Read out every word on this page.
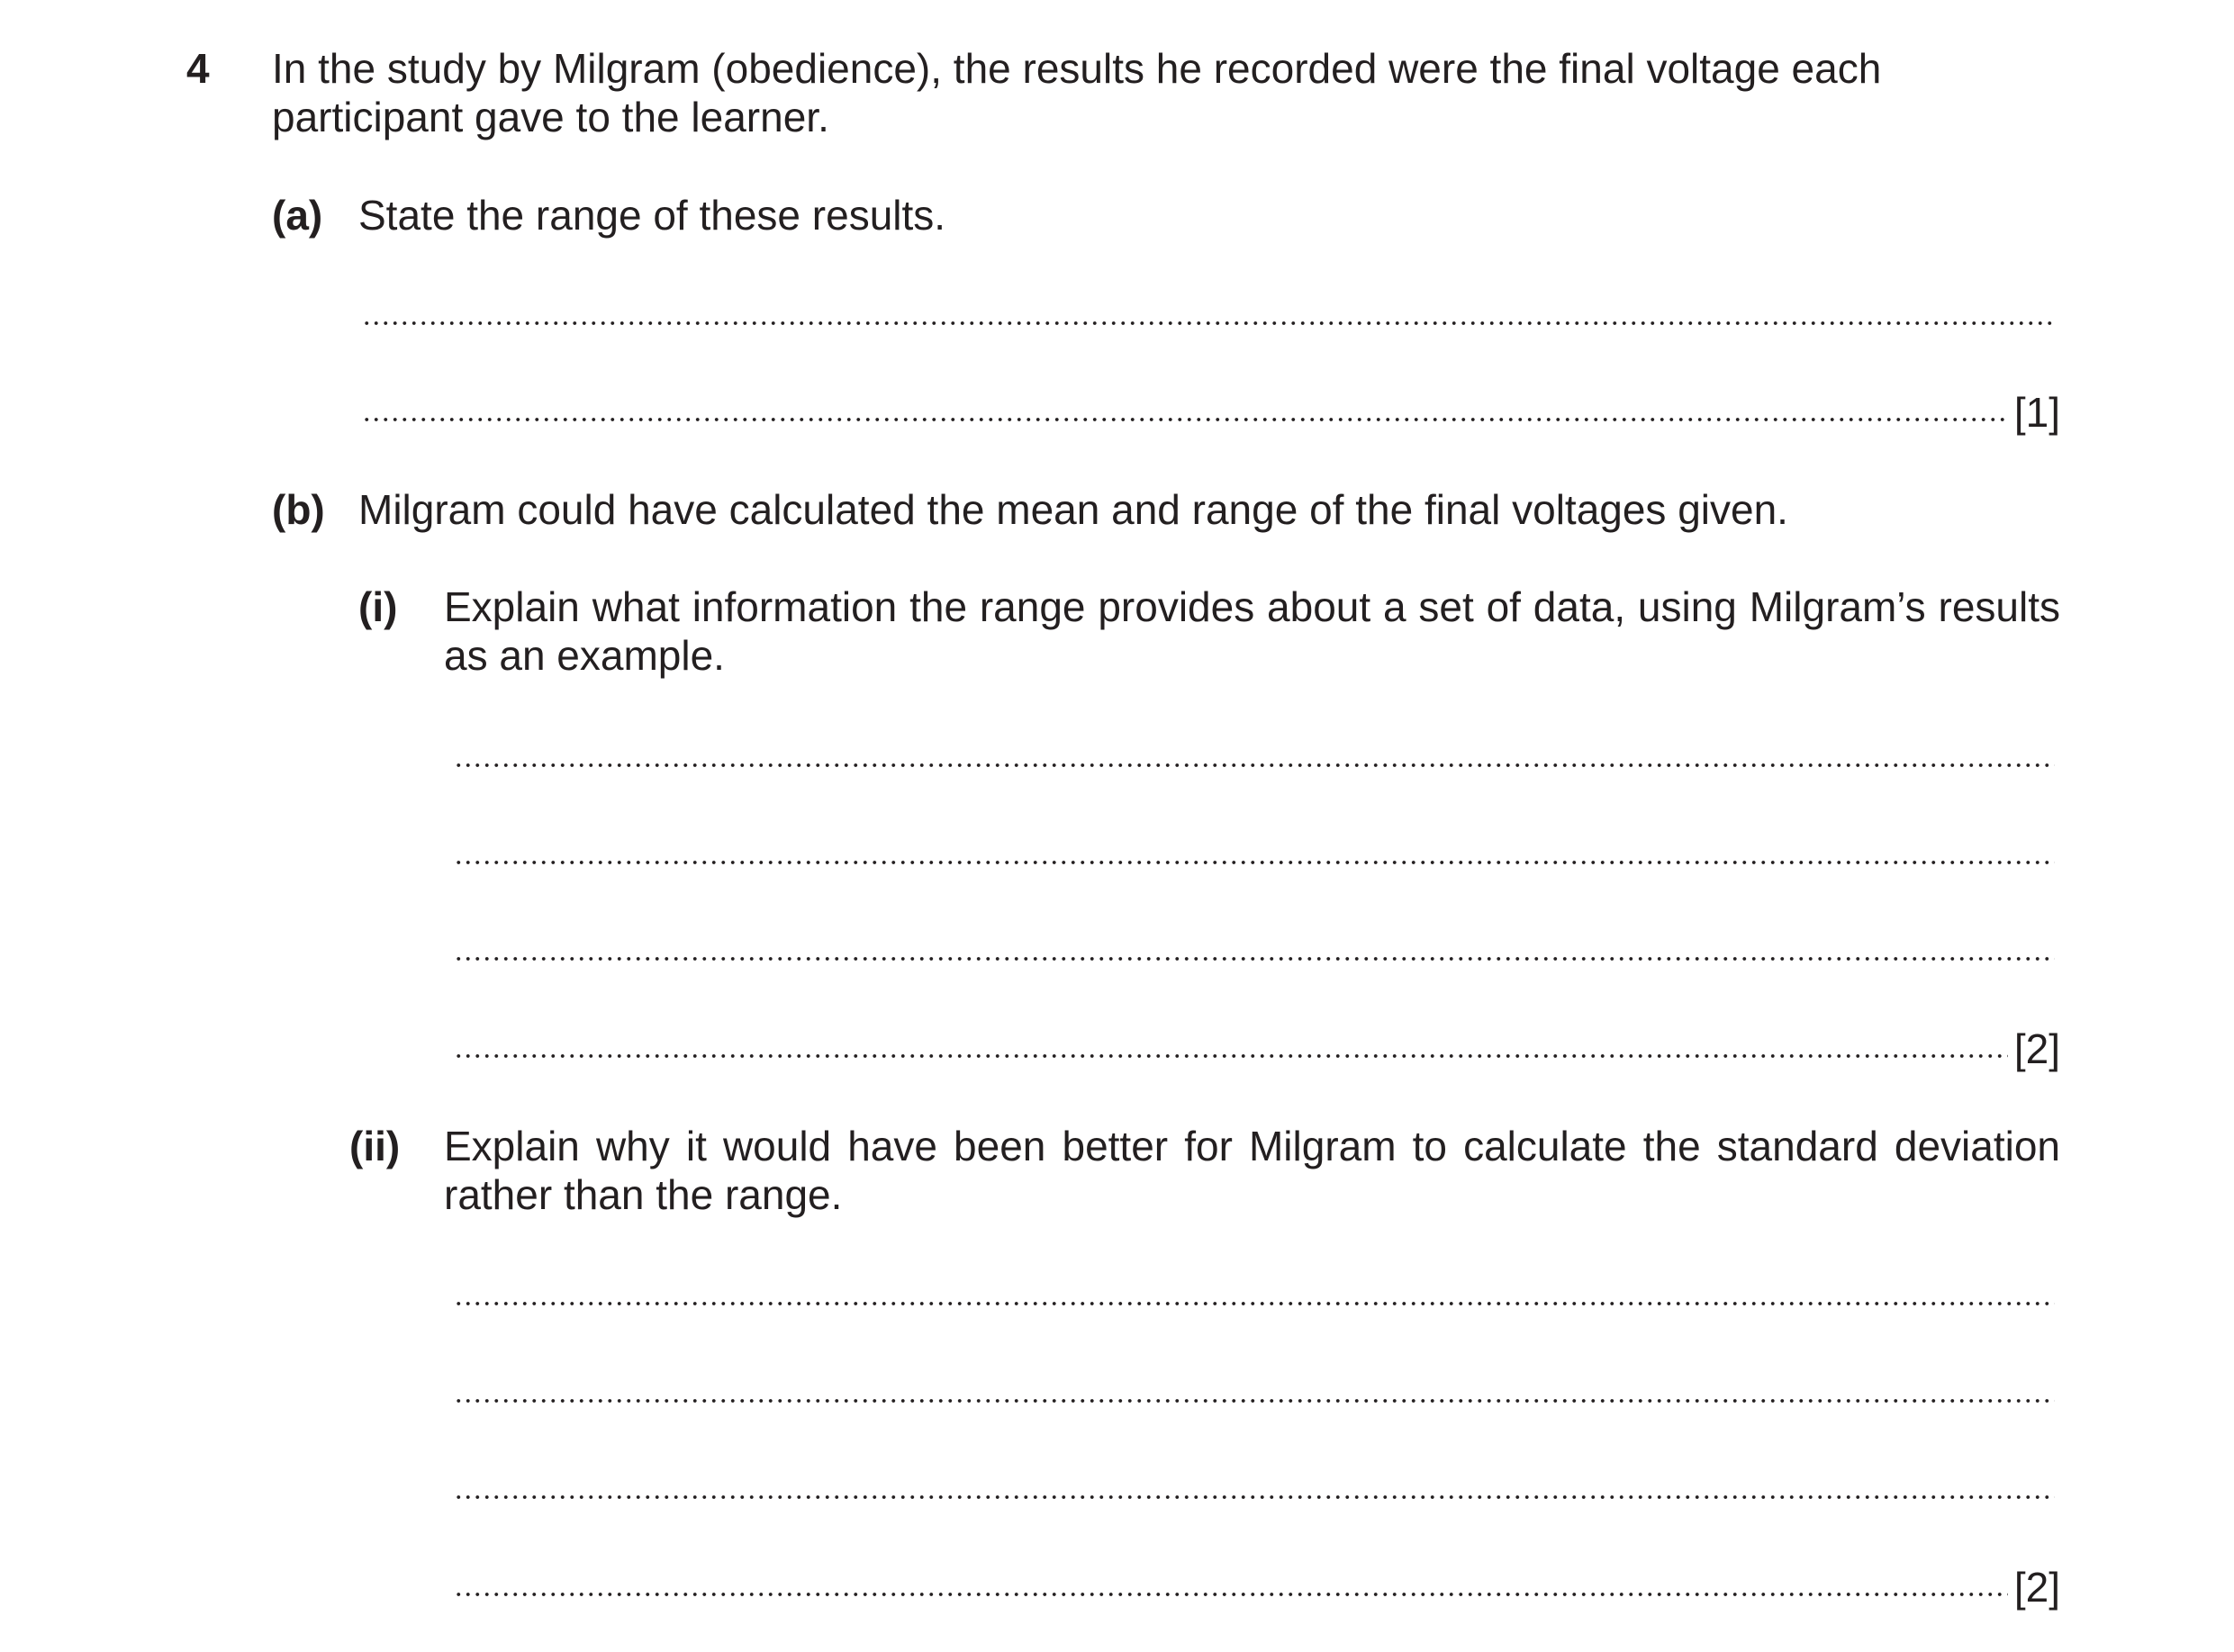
4 In the study by Milgram (obedience), the results he recorded were the final voltage each participant gave to the learner.
(a) State the range of these results.
[1]
(b) Milgram could have calculated the mean and range of the final voltages given.
(i) Explain what information the range provides about a set of data, using Milgram’s results as an example.
[2]
(ii) Explain why it would have been better for Milgram to calculate the standard deviation rather than the range.
[2]
